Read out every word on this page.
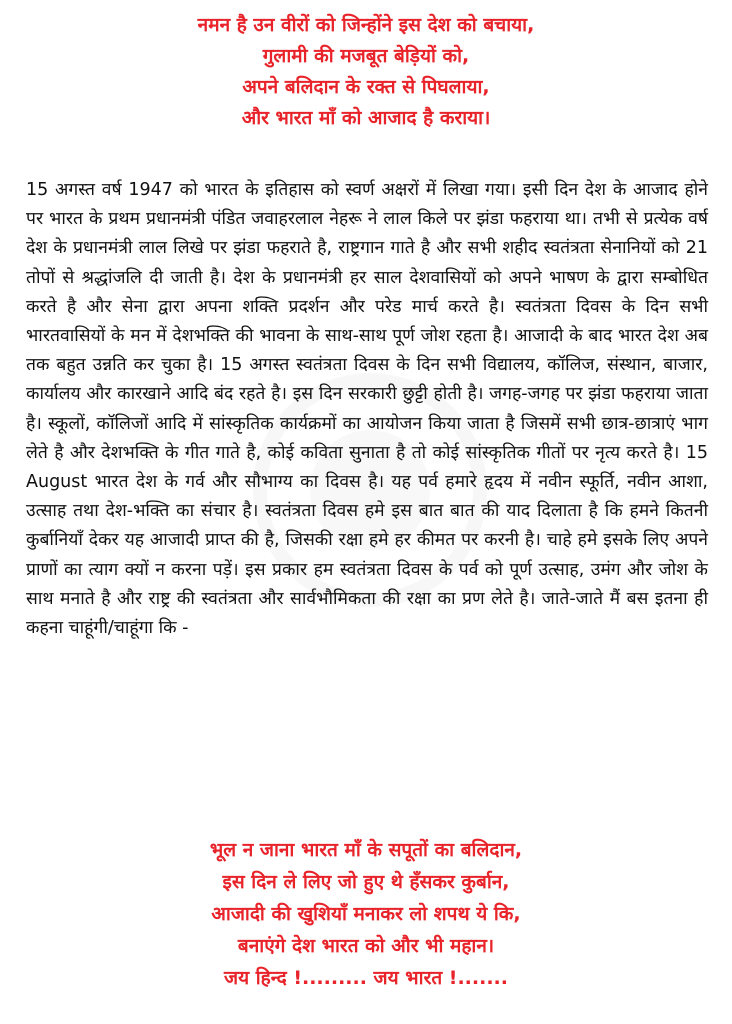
नमन है उन वीरों को जिन्होंने इस देश को बचाया,
गुलामी की मजबूत बेड़ियों को,
अपने बलिदान के रक्त से पिघलाया,
और भारत माँ को आजाद है कराया।
15 अगस्त वर्ष 1947 को भारत के इतिहास को स्वर्ण अक्षरों में लिखा गया। इसी दिन देश के आजाद होने पर भारत के प्रथम प्रधानमंत्री पंडित जवाहरलाल नेहरू ने लाल किले पर झंडा फहराया था। तभी से प्रत्येक वर्ष देश के प्रधानमंत्री लाल लिखे पर झंडा फहराते है, राष्ट्रगान गाते है और सभी शहीद स्वतंत्रता सेनानियों को 21 तोपों से श्रद्धांजलि दी जाती है। देश के प्रधानमंत्री हर साल देशवासियों को अपने भाषण के द्वारा सम्बोधित करते है और सेना द्वारा अपना शक्ति प्रदर्शन और परेड मार्च करते है। स्वतंत्रता दिवस के दिन सभी भारतवासियों के मन में देशभक्ति की भावना के साथ-साथ पूर्ण जोश रहता है। आजादी के बाद भारत देश अब तक बहुत उन्नति कर चुका है। 15 अगस्त स्वतंत्रता दिवस के दिन सभी विद्यालय, कॉलिज, संस्थान, बाजार, कार्यालय और कारखाने आदि बंद रहते है। इस दिन सरकारी छुट्टी होती है। जगह-जगह पर झंडा फहराया जाता है। स्कूलों, कॉलिजों आदि में सांस्कृतिक कार्यक्रमों का आयोजन किया जाता है जिसमें सभी छात्र-छात्राएं भाग लेते है और देशभक्ति के गीत गाते है, कोई कविता सुनाता है तो कोई सांस्कृतिक गीतों पर नृत्य करते है। 15 August भारत देश के गर्व और सौभाग्य का दिवस है। यह पर्व हमारे हृदय में नवीन स्फूर्ति, नवीन आशा, उत्साह तथा देश-भक्ति का संचार है। स्वतंत्रता दिवस हमे इस बात बात की याद दिलाता है कि हमने कितनी कुर्बानियाँ देकर यह आजादी प्राप्त की है, जिसकी रक्षा हमे हर कीमत पर करनी है। चाहे हमे इसके लिए अपने प्राणों का त्याग क्यों न करना पड़ें। इस प्रकार हम स्वतंत्रता दिवस के पर्व को पूर्ण उत्साह, उमंग और जोश के साथ मनाते है और राष्ट्र की स्वतंत्रता और सार्वभौमिकता की रक्षा का प्रण लेते है। जाते-जाते मैं बस इतना ही कहना चाहूंगी/चाहूंगा कि -
भूल न जाना भारत माँ के सपूतों का बलिदान,
इस दिन ले लिए जो हुए थे हँसकर कुर्बान,
आजादी की खुशियाँ मनाकर लो शपथ ये कि,
बनाएंगे देश भारत को और भी महान।
जय हिन्द !......... जय भारत !.......
